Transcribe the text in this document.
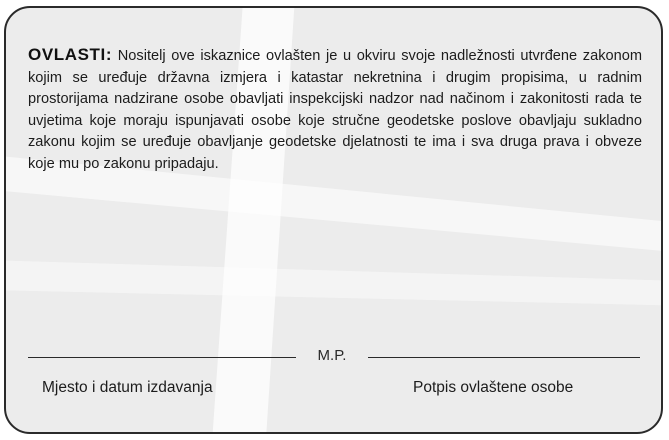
OVLASTI: Nositelj ove iskaznice ovlašten je u okviru svoje nadležnosti utvrđene zakonom kojim se uređuje državna izmjera i katastar nekretnina i drugim propisima, u radnim prostorijama nadzirane osobe obavljati inspekcijski nadzor nad načinom i zakonitosti rada te uvjetima koje moraju ispunjavati osobe koje stručne geodetske poslove obavljaju sukladno zakonu kojim se uređuje obavljanje geodetske djelatnosti te ima i sva druga prava i obveze koje mu po zakonu pripadaju.

M.P.
Mjesto i datum izdavanja	Potpis ovlaštene osobe
